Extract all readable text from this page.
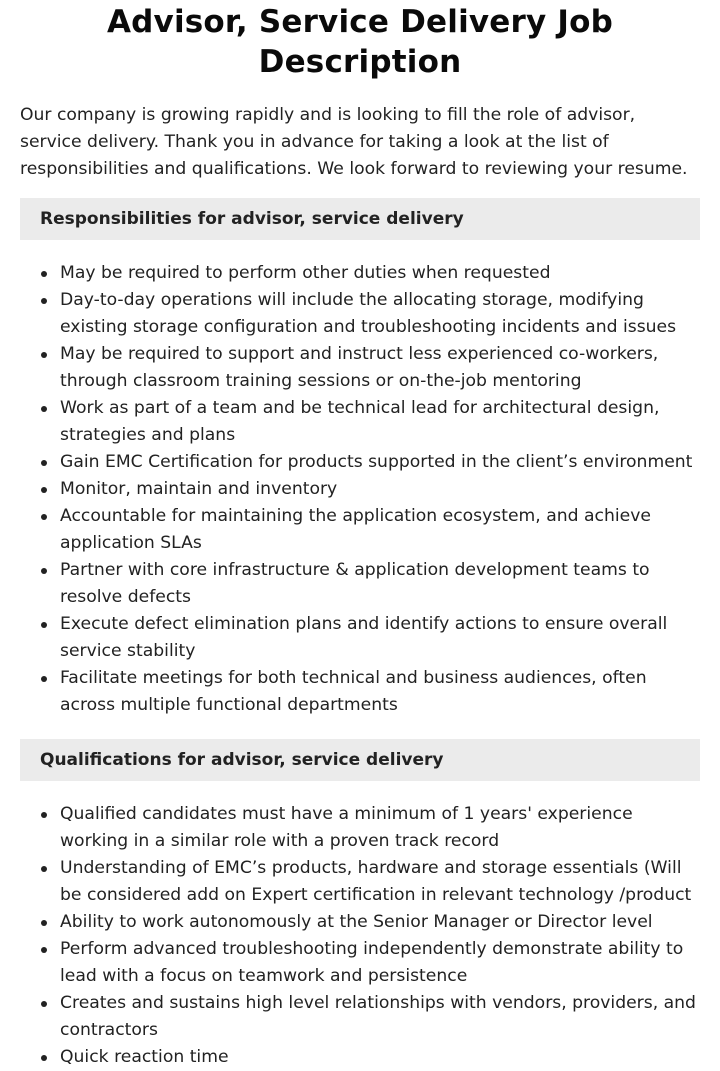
Advisor, Service Delivery Job Description

Our company is growing rapidly and is looking to fill the role of advisor, service delivery. Thank you in advance for taking a look at the list of responsibilities and qualifications. We look forward to reviewing your resume.

Responsibilities for advisor, service delivery
May be required to perform other duties when requested
Day-to-day operations will include the allocating storage, modifying existing storage configuration and troubleshooting incidents and issues
May be required to support and instruct less experienced co-workers, through classroom training sessions or on-the-job mentoring
Work as part of a team and be technical lead for architectural design, strategies and plans
Gain EMC Certification for products supported in the client’s environment
Monitor, maintain and inventory
Accountable for maintaining the application ecosystem, and achieve application SLAs
Partner with core infrastructure & application development teams to resolve defects
Execute defect elimination plans and identify actions to ensure overall service stability
Facilitate meetings for both technical and business audiences, often across multiple functional departments
Qualifications for advisor, service delivery
Qualified candidates must have a minimum of 1 years' experience working in a similar role with a proven track record
Understanding of EMC’s products, hardware and storage essentials (Will be considered add on Expert certification in relevant technology /product
Ability to work autonomously at the Senior Manager or Director level
Perform advanced troubleshooting independently demonstrate ability to lead with a focus on teamwork and persistence
Creates and sustains high level relationships with vendors, providers, and contractors
Quick reaction time
